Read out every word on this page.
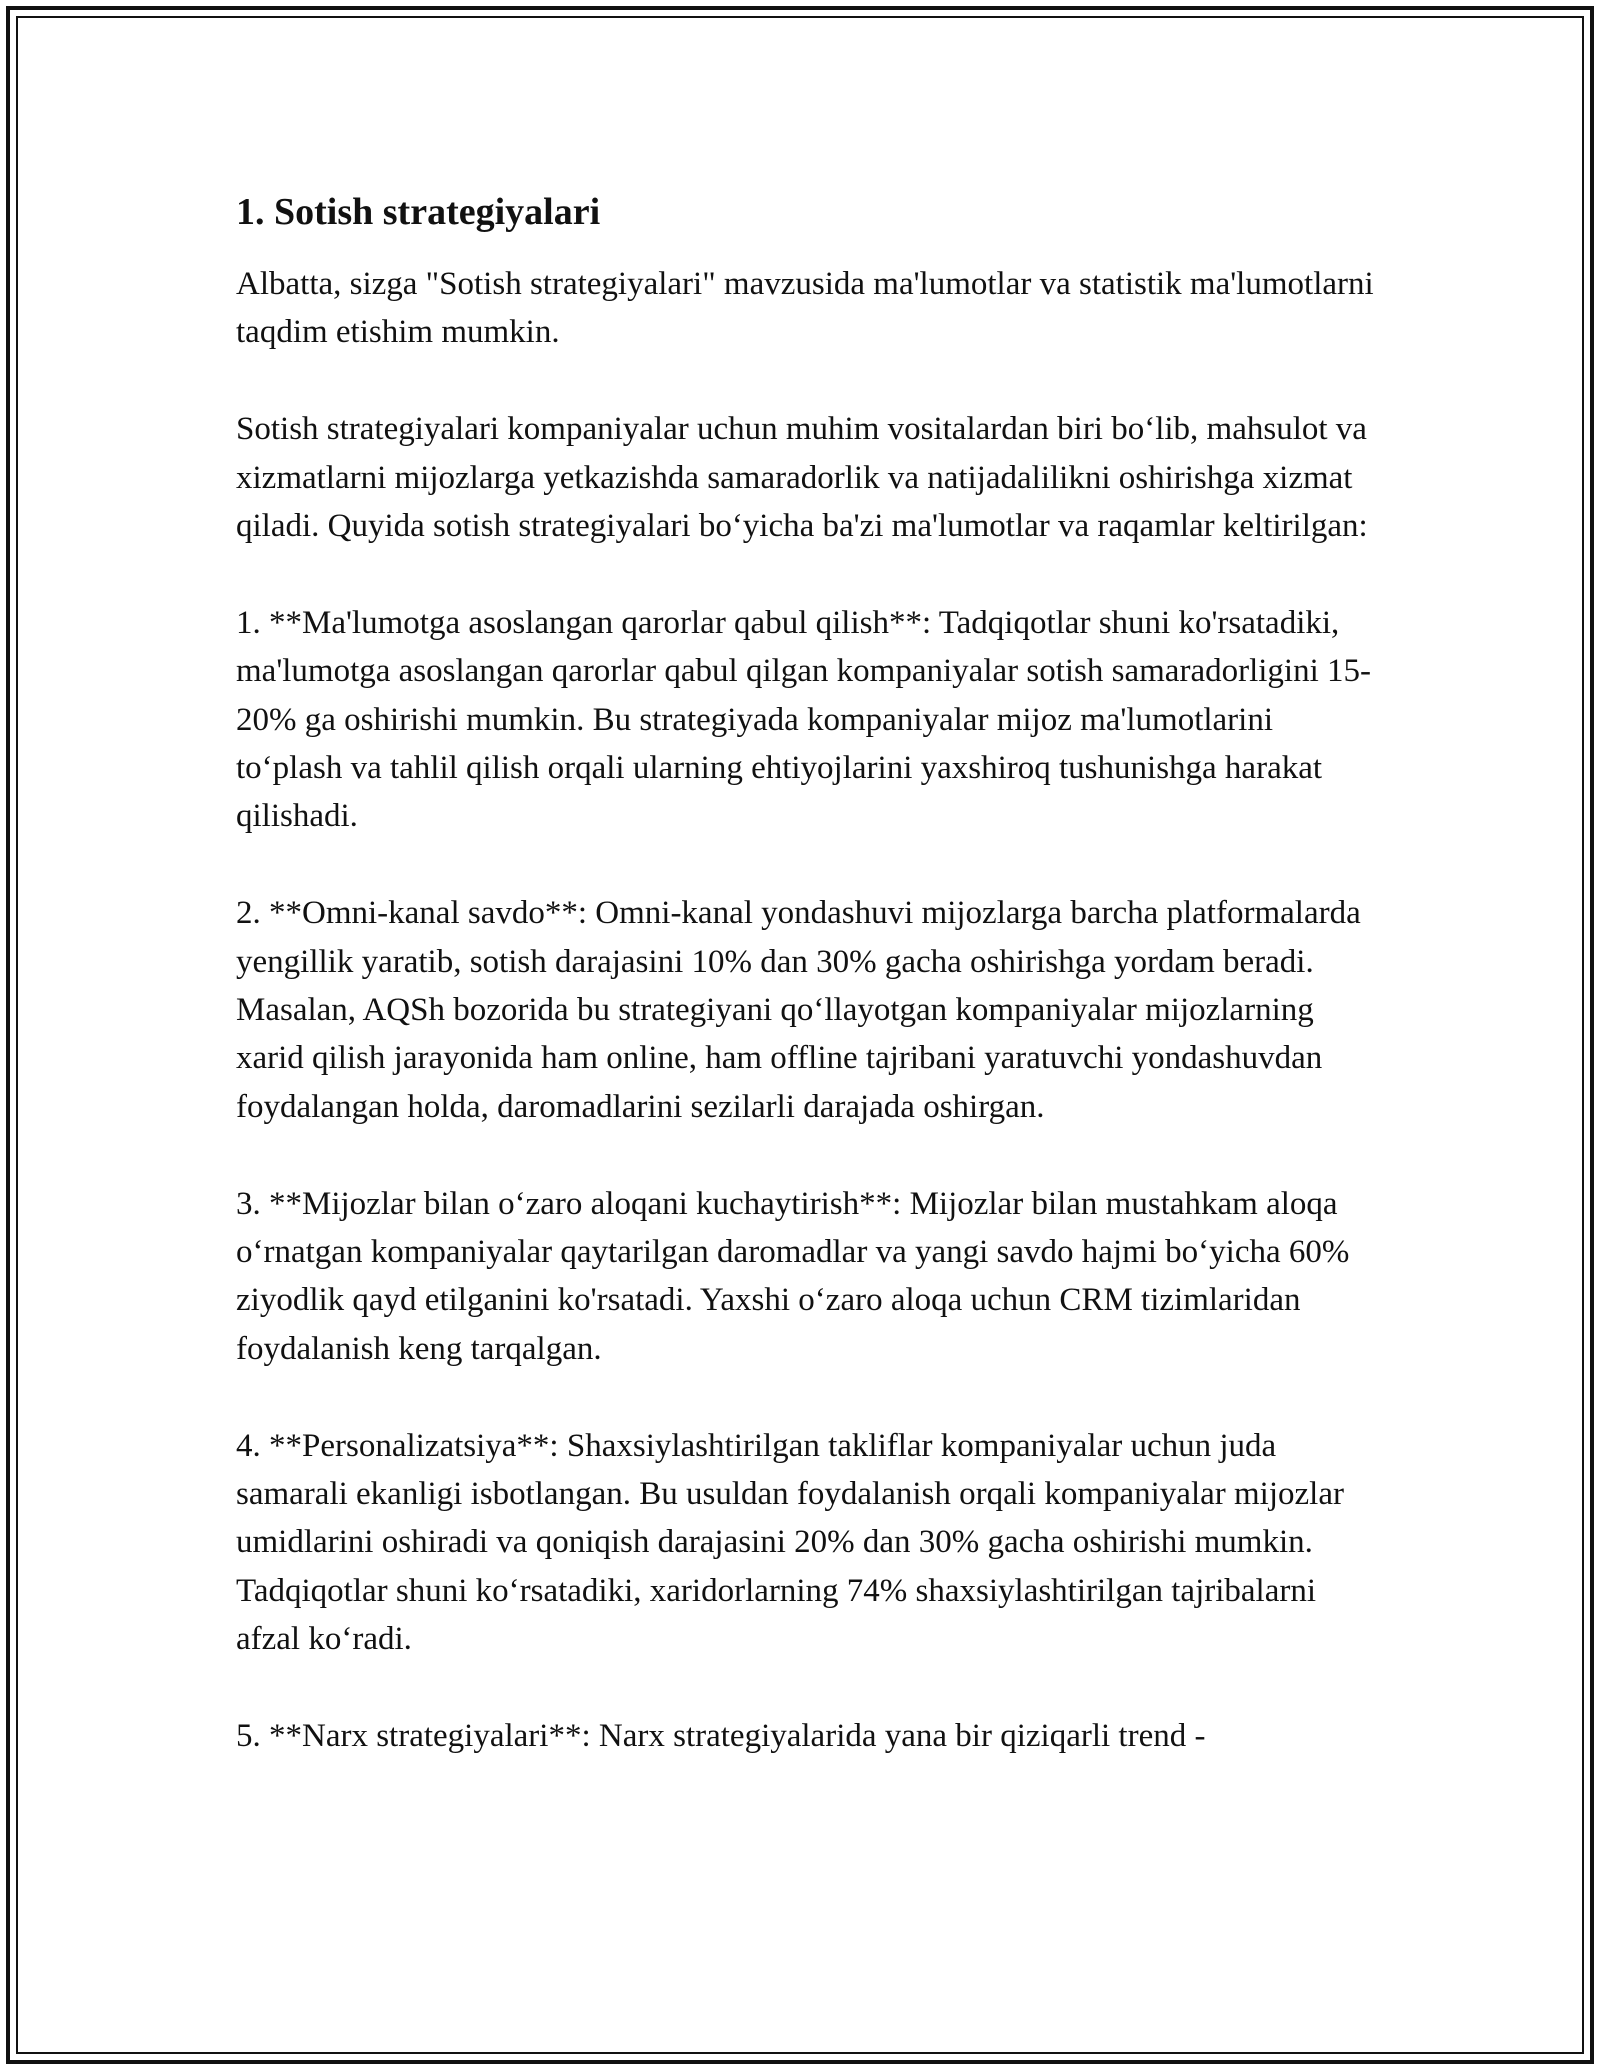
1. Sotish strategiyalari

Albatta, sizga "Sotish strategiyalari" mavzusida ma'lumotlar va statistik ma'lumotlarni taqdim etishim mumkin.

Sotish strategiyalari kompaniyalar uchun muhim vositalardan biri bo‘lib, mahsulot va xizmatlarni mijozlarga yetkazishda samaradorlik va natijadalilikni oshirishga xizmat qiladi. Quyida sotish strategiyalari bo‘yicha ba'zi ma'lumotlar va raqamlar keltirilgan:

1. **Ma'lumotga asoslangan qarorlar qabul qilish**: Tadqiqotlar shuni ko'rsatadiki, ma'lumotga asoslangan qarorlar qabul qilgan kompaniyalar sotish samaradorligini 15-20% ga oshirishi mumkin. Bu strategiyada kompaniyalar mijoz ma'lumotlarini to‘plash va tahlil qilish orqali ularning ehtiyojlarini yaxshiroq tushunishga harakat qilishadi.

2. **Omni-kanal savdo**: Omni-kanal yondashuvi mijozlarga barcha platformalarda yengillik yaratib, sotish darajasini 10% dan 30% gacha oshirishga yordam beradi. Masalan, AQSh bozorida bu strategiyani qo‘llayotgan kompaniyalar mijozlarning xarid qilish jarayonida ham online, ham offline tajribani yaratuvchi yondashuvdan foydalangan holda, daromadlarini sezilarli darajada oshirgan.

3. **Mijozlar bilan o‘zaro aloqani kuchaytirish**: Mijozlar bilan mustahkam aloqa o‘rnatgan kompaniyalar qaytarilgan daromadlar va yangi savdo hajmi bo‘yicha 60% ziyodlik qayd etilganini ko'rsatadi. Yaxshi o‘zaro aloqa uchun CRM tizimlaridan foydalanish keng tarqalgan.

4. **Personalizatsiya**: Shaxsiylashtirilgan takliflar kompaniyalar uchun juda samarali ekanligi isbotlangan. Bu usuldan foydalanish orqali kompaniyalar mijozlar umidlarini oshiradi va qoniqish darajasini 20% dan 30% gacha oshirishi mumkin. Tadqiqotlar shuni ko‘rsatadiki, xaridorlarning 74% shaxsiylashtirilgan tajribalarni afzal ko‘radi.

5. **Narx strategiyalari**: Narx strategiyalarida yana bir qiziqarli trend -
